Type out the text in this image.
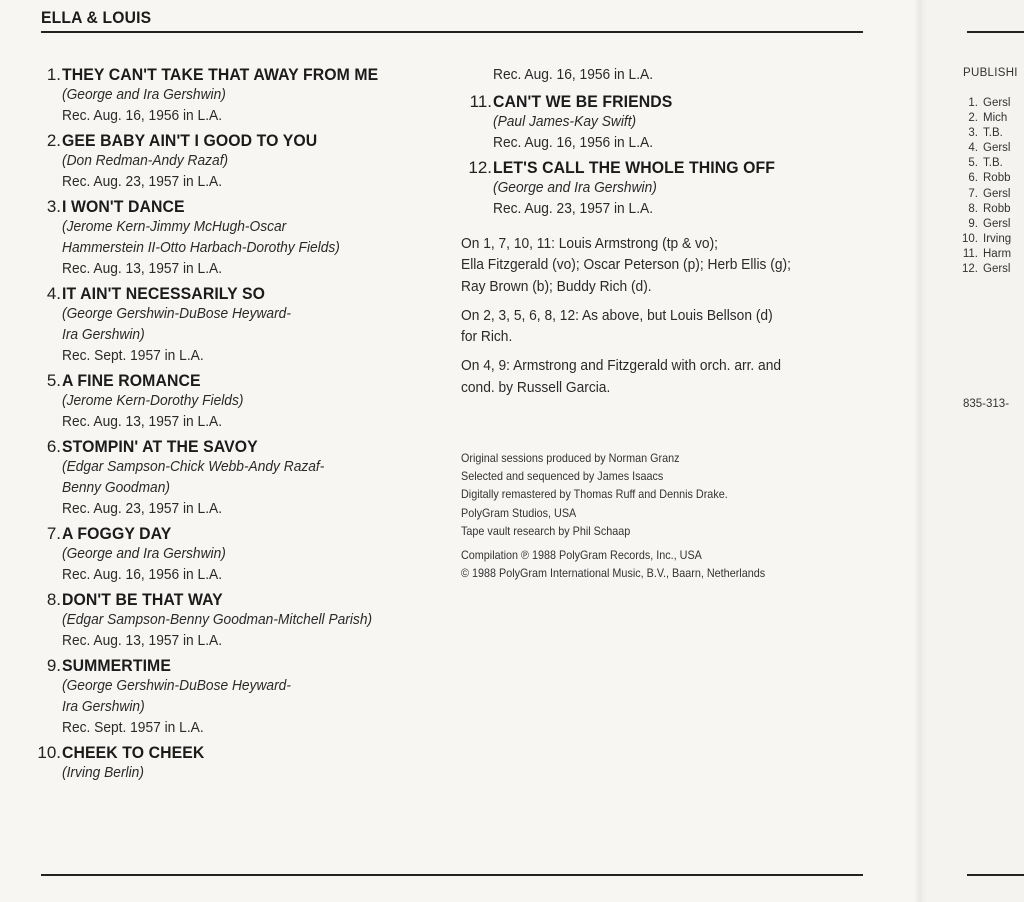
ELLA & LOUIS
1. THEY CAN'T TAKE THAT AWAY FROM ME
(George and Ira Gershwin)
Rec. Aug. 16, 1956 in L.A.
2. GEE BABY AIN'T I GOOD TO YOU
(Don Redman-Andy Razaf)
Rec. Aug. 23, 1957 in L.A.
3. I WON'T DANCE
(Jerome Kern-Jimmy McHugh-Oscar
Hammerstein II-Otto Harbach-Dorothy Fields)
Rec. Aug. 13, 1957 in L.A.
4. IT AIN'T NECESSARILY SO
(George Gershwin-DuBose Heyward-
Ira Gershwin)
Rec. Sept. 1957 in L.A.
5. A FINE ROMANCE
(Jerome Kern-Dorothy Fields)
Rec. Aug. 13, 1957 in L.A.
6. STOMPIN' AT THE SAVOY
(Edgar Sampson-Chick Webb-Andy Razaf-
Benny Goodman)
Rec. Aug. 23, 1957 in L.A.
7. A FOGGY DAY
(George and Ira Gershwin)
Rec. Aug. 16, 1956 in L.A.
8. DON'T BE THAT WAY
(Edgar Sampson-Benny Goodman-Mitchell Parish)
Rec. Aug. 13, 1957 in L.A.
9. SUMMERTIME
(George Gershwin-DuBose Heyward-
Ira Gershwin)
Rec. Sept. 1957 in L.A.
10. CHEEK TO CHEEK
(Irving Berlin)
Rec. Aug. 16, 1956 in L.A.
11. CAN'T WE BE FRIENDS
(Paul James-Kay Swift)
Rec. Aug. 16, 1956 in L.A.
12. LET'S CALL THE WHOLE THING OFF
(George and Ira Gershwin)
Rec. Aug. 23, 1957 in L.A.
On 1, 7, 10, 11: Louis Armstrong (tp & vo);
Ella Fitzgerald (vo); Oscar Peterson (p); Herb Ellis (g);
Ray Brown (b); Buddy Rich (d).
On 2, 3, 5, 6, 8, 12: As above, but Louis Bellson (d)
for Rich.
On 4, 9: Armstrong and Fitzgerald with orch. arr. and
cond. by Russell Garcia.
Original sessions produced by Norman Granz
Selected and sequenced by James Isaacs
Digitally remastered by Thomas Ruff and Dennis Drake.
PolyGram Studios, USA
Tape vault research by Phil Schaap
Compilation ℗ 1988 PolyGram Records, Inc., USA
© 1988 PolyGram International Music, B.V., Baarn, Netherlands
PUBLISHI
1. Gersl
2. Mich
3. T.B.
4. Gersl
5. T.B.
6. Robb
7. Gersl
8. Robb
9. Gersl
10. Irving
11. Harm
12. Gersl
835-313-
